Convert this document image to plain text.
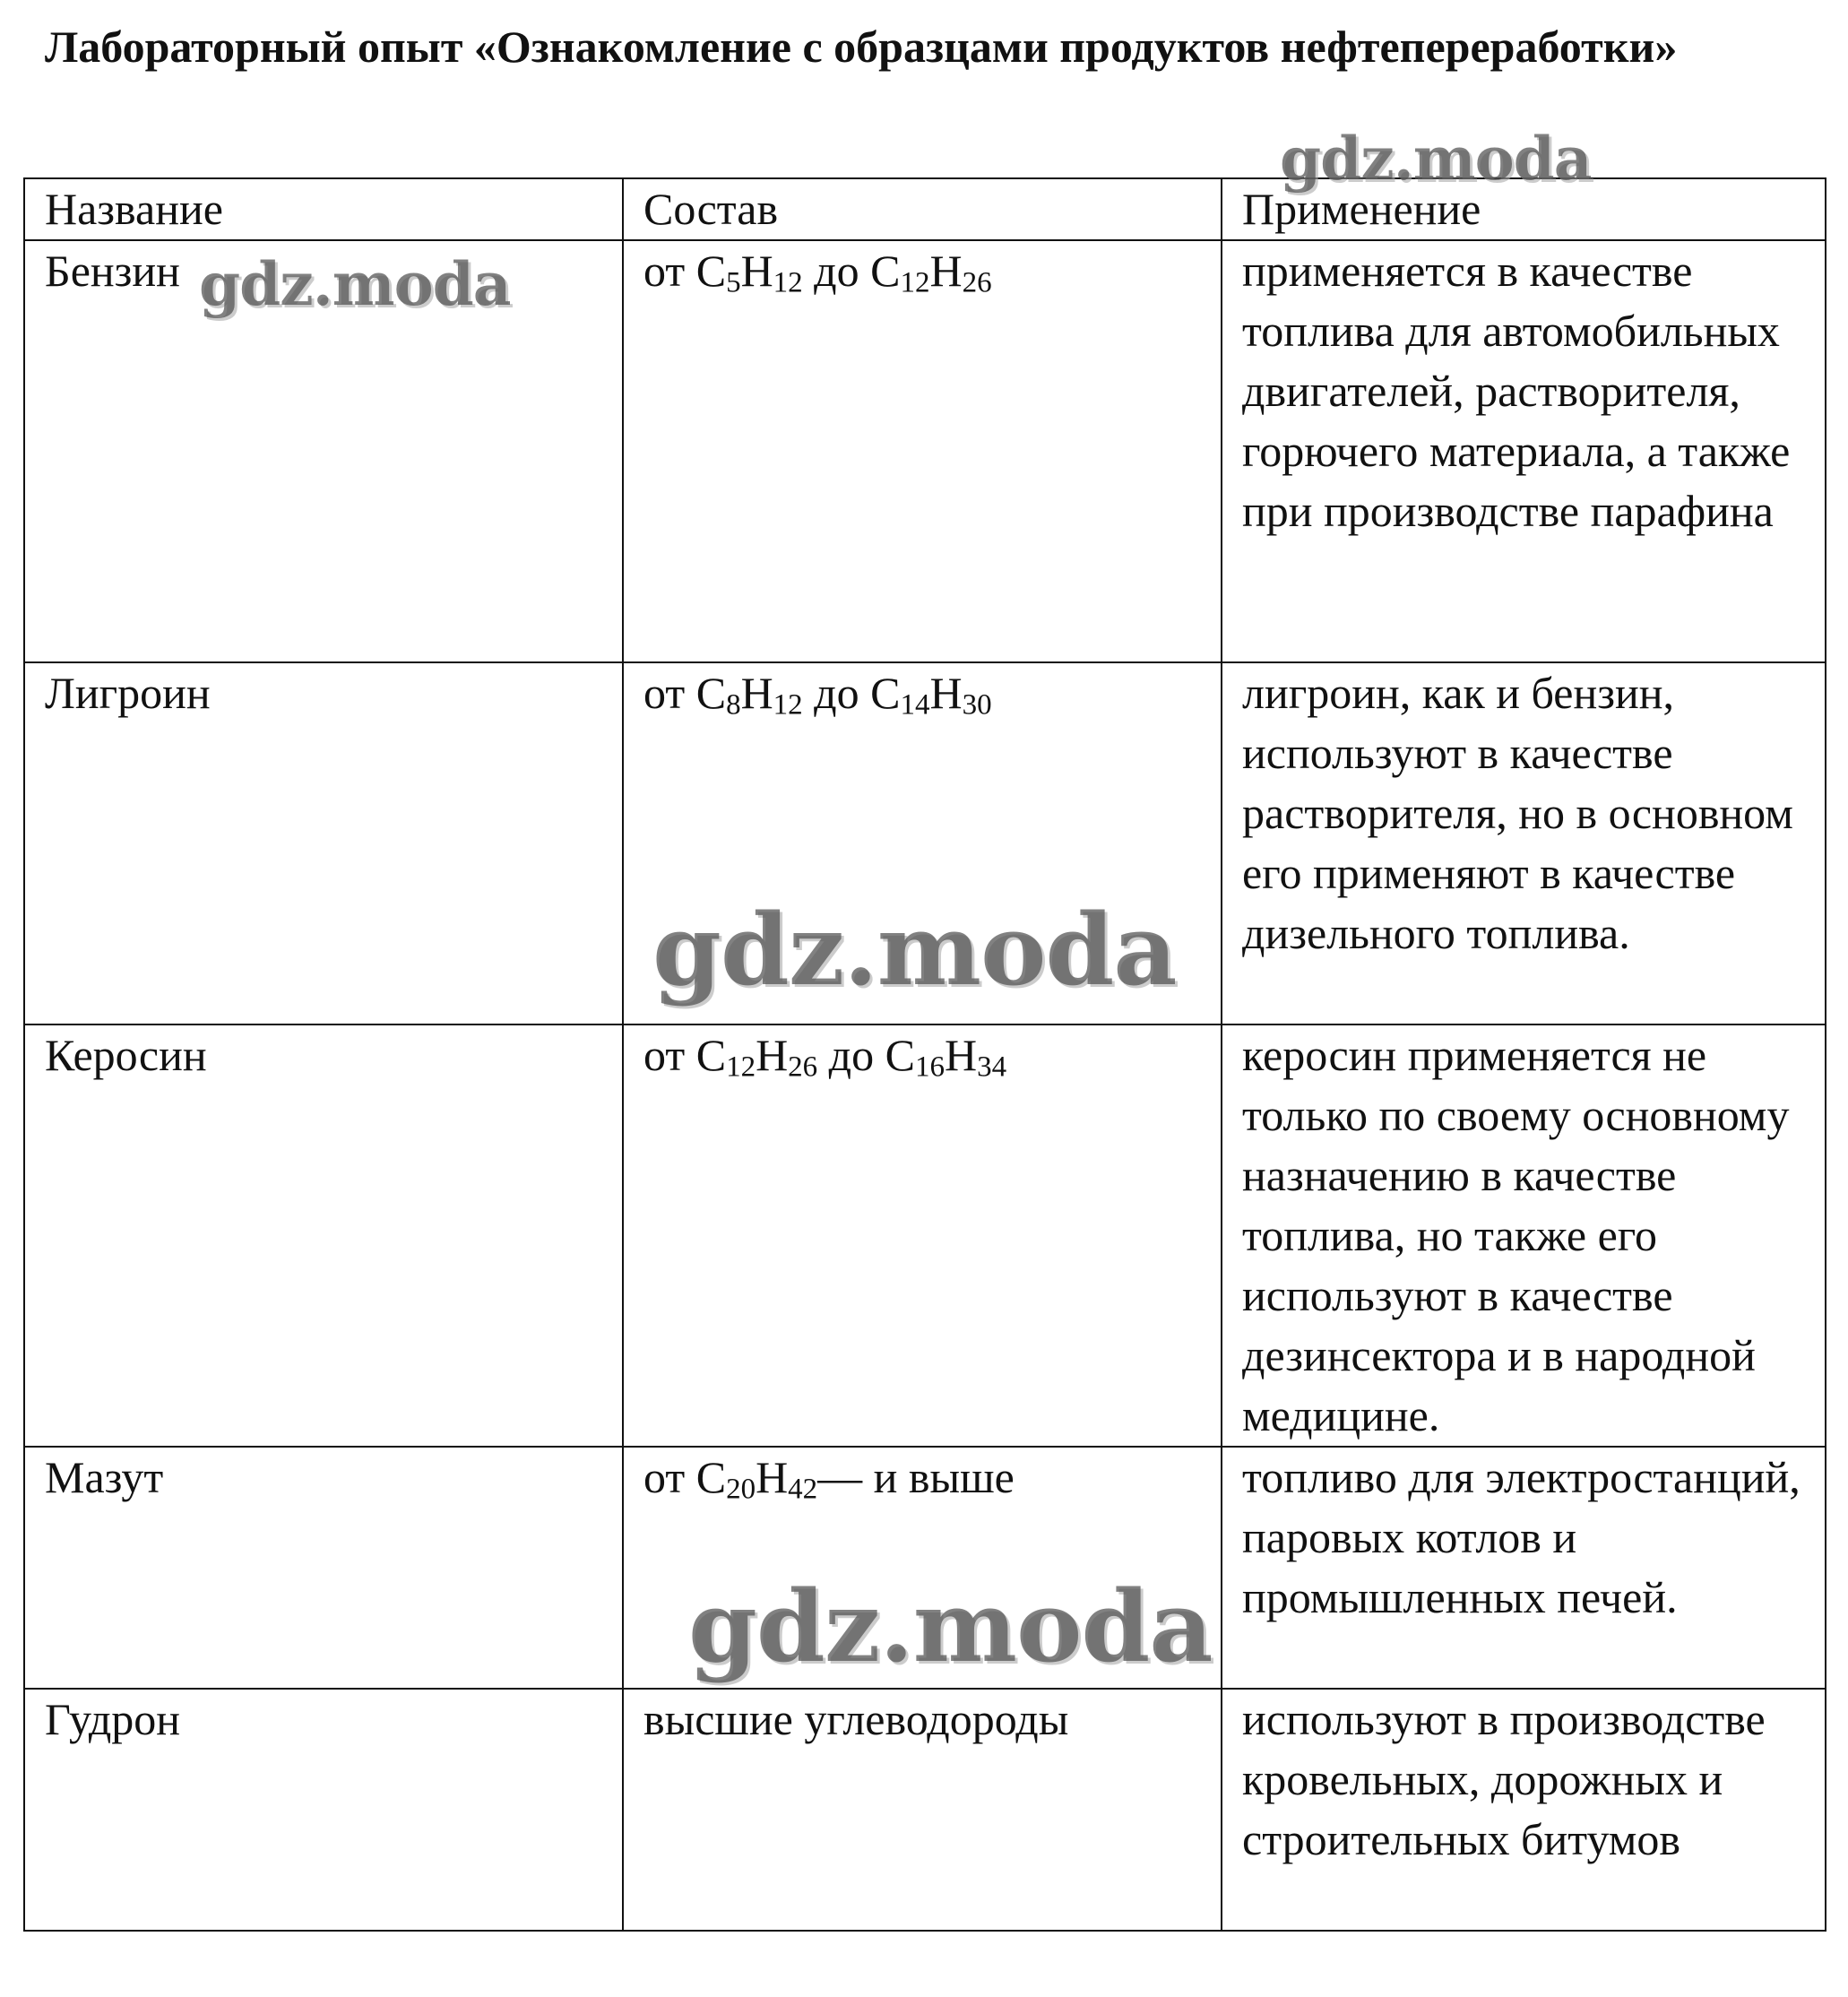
Лабораторный опыт «Ознакомление с образцами продуктов нефтепереработки»
Название	Состав	Применение
Бензин	от $C_5H_{12}$ до $C_{12}H_{26}$	применяется в качестве топлива для автомобильных двигателей, растворителя, горючего материала, а также при производстве парафина
Лигроин	от $C_8H_{12}$ до $C_{14}H_{30}$	лигроин, как и бензин, используют в качестве растворителя, но в основном его применяют в качестве дизельного топлива.
Керосин	от $C_{12}H_{26}$ до $C_{16}H_{34}$	керосин применяется не только по своему основному назначению в качестве топлива, но также его используют в качестве дезинсектора и в народной медицине.
Мазут	от $C_{20}H_{42}—$ и выше	топливо для электростанций, паровых котлов и промышленных печей.
Гудрон	высшие углеводороды	используют в производстве кровельных, дорожных и строительных битумов
gdz.moda
gdz.moda
gdz.moda
gdz.moda
